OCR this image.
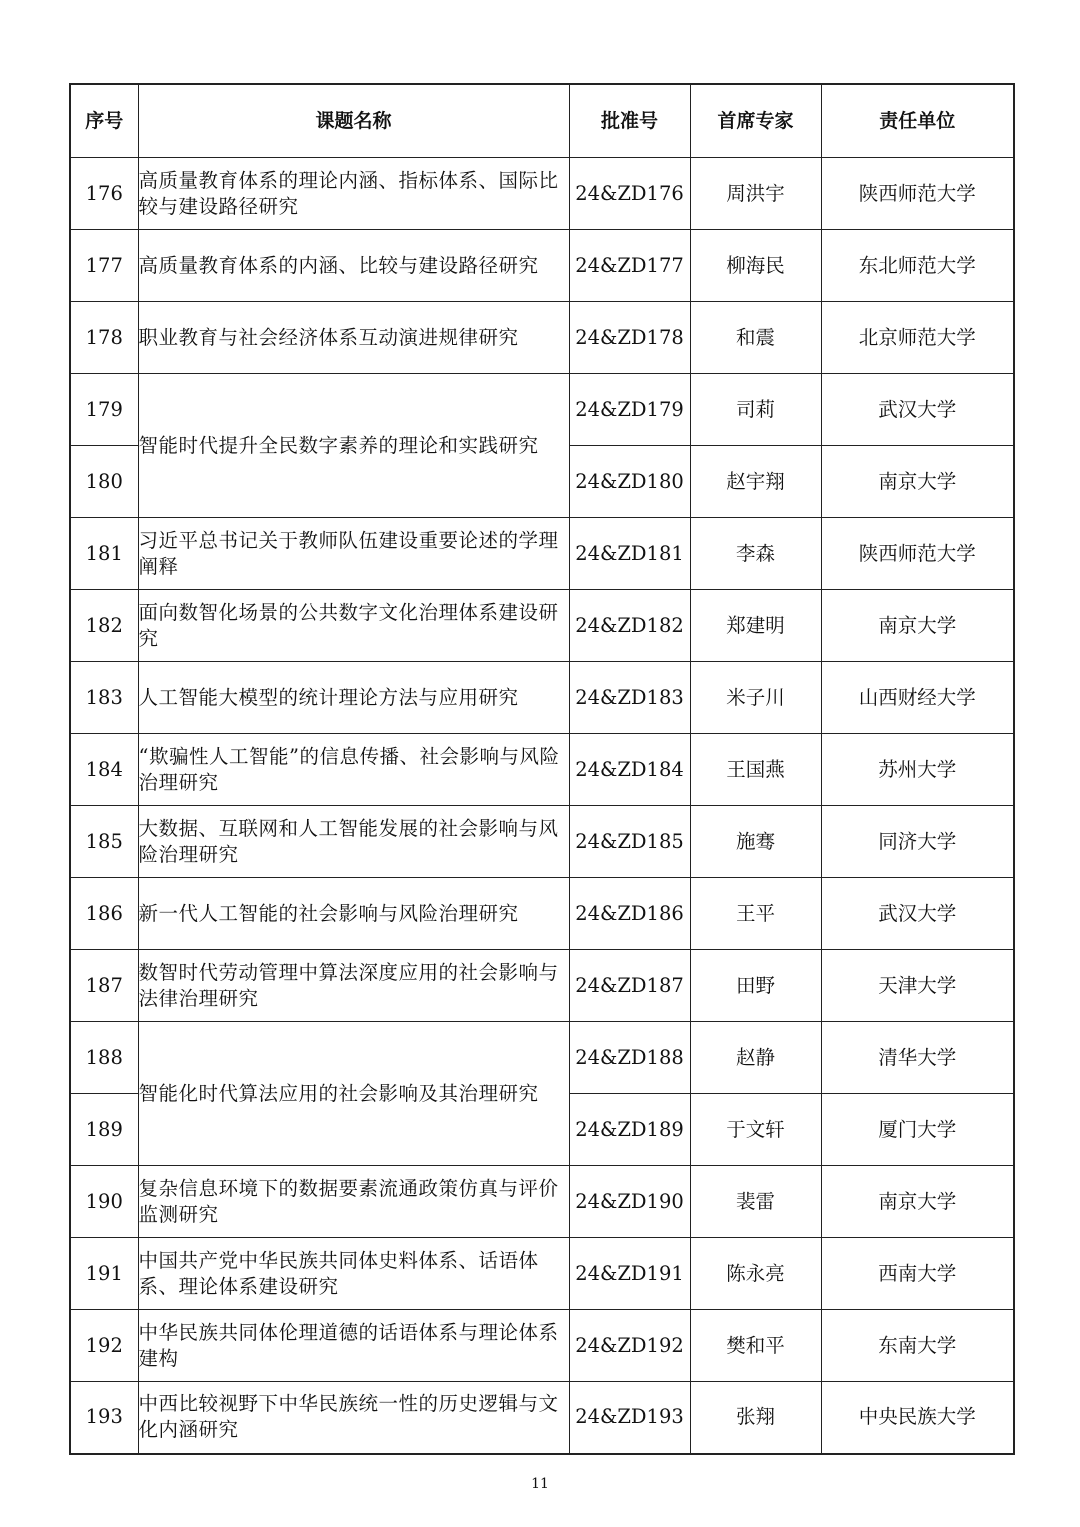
序号	课题名称	批准号	首席专家	责任单位
176	高质量教育体系的理论内涵、指标体系、国际比较与建设路径研究	24&ZD176	周洪宇	陕西师范大学
177	高质量教育体系的内涵、比较与建设路径研究	24&ZD177	柳海民	东北师范大学
178	职业教育与社会经济体系互动演进规律研究	24&ZD178	和震	北京师范大学
179	智能时代提升全民数字素养的理论和实践研究	24&ZD179	司莉	武汉大学
180		24&ZD180	赵宇翔	南京大学
181	习近平总书记关于教师队伍建设重要论述的学理阐释	24&ZD181	李森	陕西师范大学
182	面向数智化场景的公共数字文化治理体系建设研究	24&ZD182	郑建明	南京大学
183	人工智能大模型的统计理论方法与应用研究	24&ZD183	米子川	山西财经大学
184	“欺骗性人工智能”的信息传播、社会影响与风险治理研究	24&ZD184	王国燕	苏州大学
185	大数据、互联网和人工智能发展的社会影响与风险治理研究	24&ZD185	施骞	同济大学
186	新一代人工智能的社会影响与风险治理研究	24&ZD186	王平	武汉大学
187	数智时代劳动管理中算法深度应用的社会影响与法律治理研究	24&ZD187	田野	天津大学
188	智能化时代算法应用的社会影响及其治理研究	24&ZD188	赵静	清华大学
189		24&ZD189	于文轩	厦门大学
190	复杂信息环境下的数据要素流通政策仿真与评价监测研究	24&ZD190	裴雷	南京大学
191	中国共产党中华民族共同体史料体系、话语体系、理论体系建设研究	24&ZD191	陈永亮	西南大学
192	中华民族共同体伦理道德的话语体系与理论体系建构	24&ZD192	樊和平	东南大学
193	中西比较视野下中华民族统一性的历史逻辑与文化内涵研究	24&ZD193	张翔	中央民族大学
11
